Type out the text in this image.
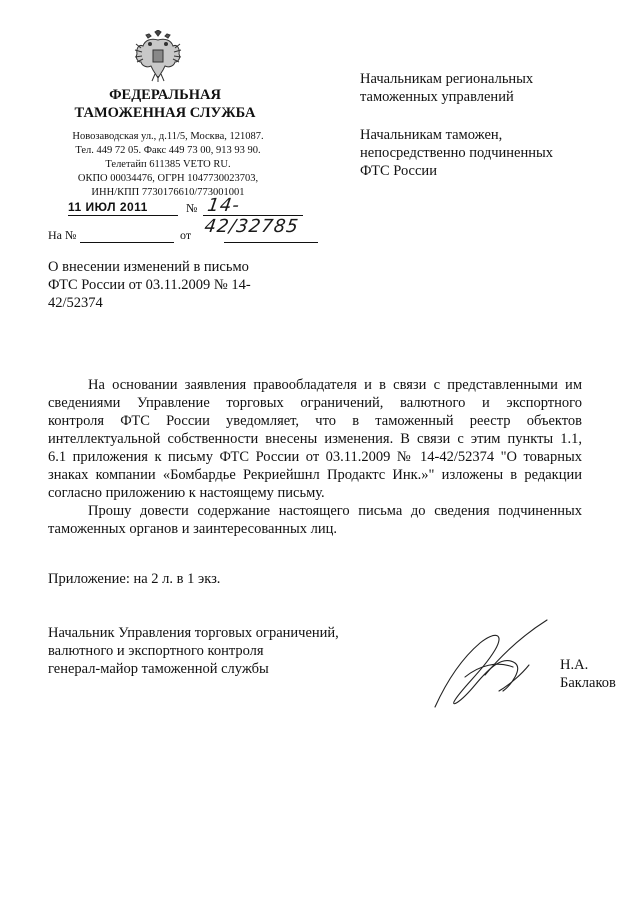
ФЕДЕРАЛЬНАЯ
ТАМОЖЕННАЯ СЛУЖБА
Новозаводская ул., д.11/5, Москва, 121087.
Тел. 449 72 05. Факс 449 73 00, 913 93 90.
Телетайп 611385 VETO RU.
ОКПО 00034476, ОГРН 1047730023703,
ИНН/КПП 7730176610/773001001
11 ИЮЛ 2011	№ 14-42/32785
На №	от
Начальникам региональных
таможенных управлений
Начальникам таможен,
непосредственно подчиненных
ФТС России
О внесении изменений в письмо
ФТС России от 03.11.2009 № 14-
42/52374
На основании заявления правообладателя и в связи с представленными им
сведениями Управление торговых ограничений, валютного и экспортного
контроля ФТС России уведомляет, что в таможенный реестр объектов
интеллектуальной собственности внесены изменения. В связи с этим пункты 1.1,
6.1 приложения к письму ФТС России от 03.11.2009 № 14-42/52374 "О товарных
знаках компании «Бомбардье Рекриейшнл Продактс Инк.»" изложены в редакции
согласно приложению к настоящему письму.
Прошу довести содержание настоящего письма до сведения подчиненных
таможенных органов и заинтересованных лиц.
Приложение: на 2 л. в 1 экз.
Начальник Управления торговых ограничений,
валютного и экспортного контроля
генерал-майор таможенной службы	Н.А. Баклаков
